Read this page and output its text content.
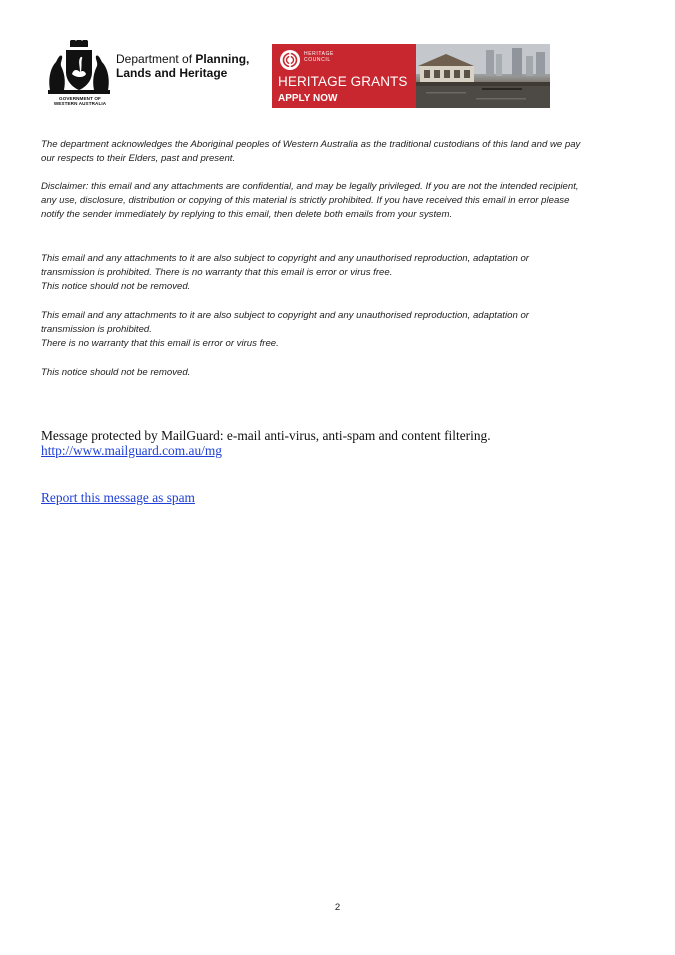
GOVERNMENT OF
WESTERN AUSTRALIA
Department of Planning,
Lands and Heritage
HERITAGE
COUNCIL
HERITAGE GRANTS
APPLY NOW
The department acknowledges the Aboriginal peoples of Western Australia as the traditional custodians of this land and we pay
our respects to their Elders, past and present.
Disclaimer: this email and any attachments are confidential, and may be legally privileged. If you are not the intended recipient,
any use, disclosure, distribution or copying of this material is strictly prohibited. If you have received this email in error please
notify the sender immediately by replying to this email, then delete both emails from your system.
This email and any attachments to it are also subject to copyright and any unauthorised reproduction, adaptation or
transmission is prohibited. There is no warranty that this email is error or virus free.
This notice should not be removed.
This email and any attachments to it are also subject to copyright and any unauthorised reproduction, adaptation or
transmission is prohibited.
There is no warranty that this email is error or virus free.
This notice should not be removed.
Message protected by MailGuard: e-mail anti-virus, anti-spam and content filtering.
http://www.mailguard.com.au/mg
Report this message as spam
2
